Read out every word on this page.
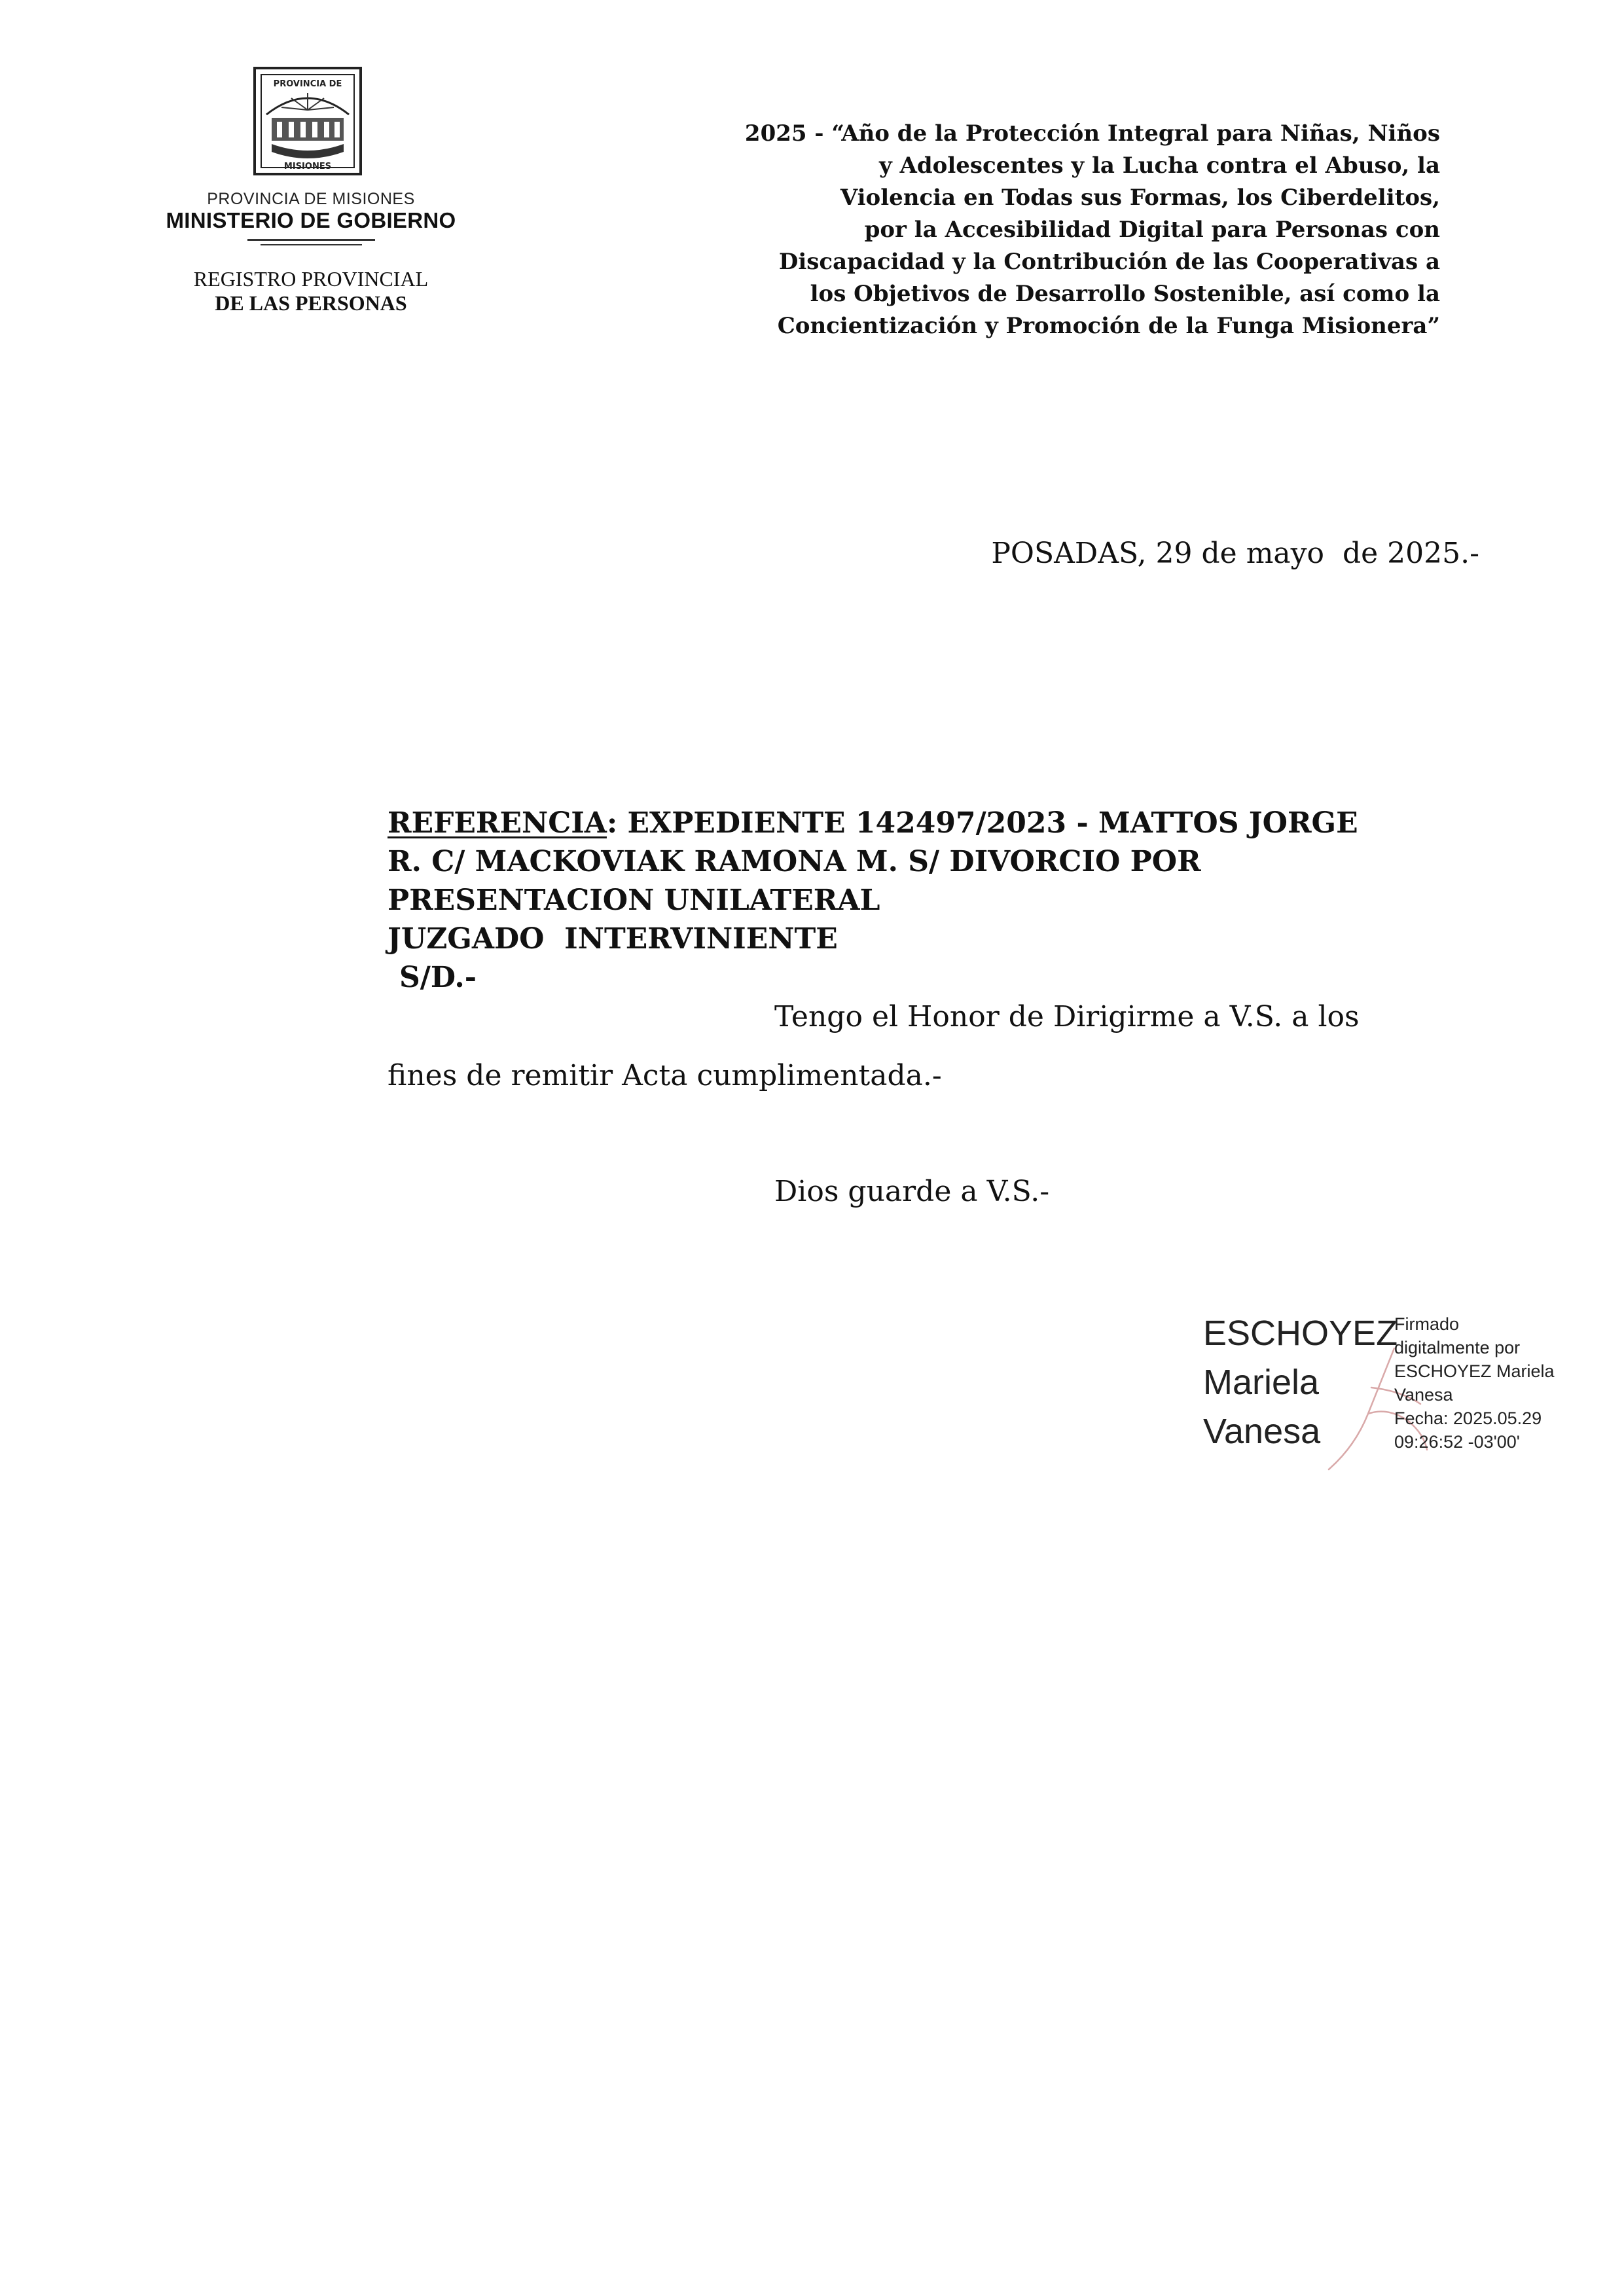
PROVINCIA DE
MISIONES
PROVINCIA DE MISIONES
MINISTERIO DE GOBIERNO
REGISTRO PROVINCIAL
DE LAS PERSONAS
2025 - “Año de la Protección Integral para Niñas, Niños
y Adolescentes y la Lucha contra el Abuso, la
Violencia en Todas sus Formas, los Ciberdelitos,
por la Accesibilidad Digital para Personas con
Discapacidad y la Contribución de las Cooperativas a
los Objetivos de Desarrollo Sostenible, así como la
Concientización y Promoción de la Funga Misionera”
POSADAS, 29 de mayo  de 2025.-
REFERENCIA: EXPEDIENTE 142497/2023 - MATTOS JORGE
R. C/ MACKOVIAK RAMONA M. S/ DIVORCIO POR
PRESENTACION UNILATERAL
JUZGADO  INTERVINIENTE
S/D.-
Tengo el Honor de Dirigirme a V.S. a los
fines de remitir Acta cumplimentada.-
Dios guarde a V.S.-
ESCHOYEZ
Mariela
Vanesa
Firmado
digitalmente por
ESCHOYEZ Mariela
Vanesa
Fecha: 2025.05.29
09:26:52 -03'00'
